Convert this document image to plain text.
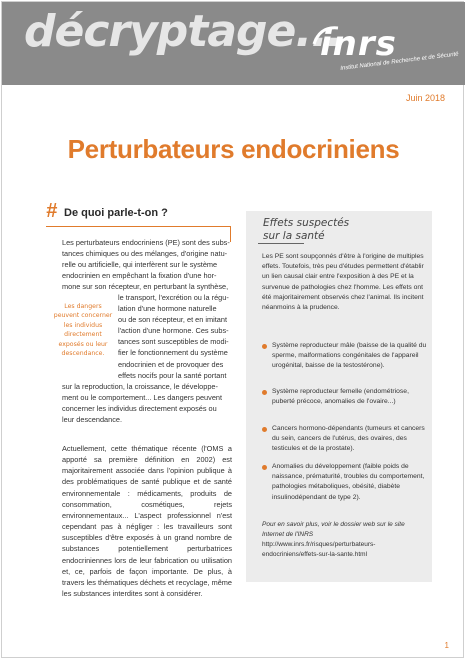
décryptage...
inrs
Institut National de Recherche et de Sécurité
Juin 2018
Perturbateurs endocriniens
# De quoi parle-t-on ?

Les perturbateurs endocriniens (PE) sont des subs-

tances chimiques ou des mélanges, d'origine natu-

relle ou artificielle, qui interfèrent sur le système

endocrinien en empêchant la fixation d'une hor-

mone sur son récepteur, en perturbant la synthèse,

le transport, l'excrétion ou la régu-

lation d'une hormone naturelle

ou de son récepteur, et en imitant

l'action d'une hormone. Ces subs-

tances sont susceptibles de modi-

fier le fonctionnement du système

endocrinien et de provoquer des

effets nocifs pour la santé portant

Les dangers peuvent concerner les individus directement exposés ou leur descendance.

sur la reproduction, la croissance, le développe-

ment ou le comportement... Les dangers peuvent

concerner les individus directement exposés ou

leur descendance.

Actuellement, cette thématique récente (l'OMS a apporté sa première définition en 2002) est majoritairement associée dans l'opinion publique à des problématiques de santé publique et de santé environnementale : médicaments, produits de consommation, cosmétiques, rejets environnementaux... L'aspect professionnel n'est cependant pas à négliger : les travailleurs sont susceptibles d'être exposés à un grand nombre de substances potentiellement perturbatrices endocriniennes lors de leur fabrication ou utilisation et, ce, parfois de façon importante. De plus, à travers les thématiques déchets et recyclage, même les substances interdites sont à considérer.

Effets suspectés
sur la santé
Les PE sont soupçonnés d'être à l'origine de multiples effets. Toutefois, très peu d'études permettent d'établir un lien causal clair entre l'exposition à des PE et la survenue de pathologies chez l'homme. Les effets ont été majoritairement observés chez l'animal. Ils incitent néanmoins à la prudence.
Système reproducteur mâle (baisse de la qualité du sperme, malformations congénitales de l'appareil urogénital, baisse de la testostérone).
Système reproducteur femelle (endométriose, puberté précoce, anomalies de l'ovaire...)
Cancers hormono-dépendants (tumeurs et cancers du sein, cancers de l'utérus, des ovaires, des testicules et de la prostate).
Anomalies du développement (faible poids de naissance, prématurité, troubles du comportement, pathologies métaboliques, obésité, diabète insulinodépendant de type 2).
Pour en savoir plus, voir le dossier web sur le site Internet de l'INRS
http://www.inrs.fr/risques/perturbateurs-endocriniens/effets-sur-la-sante.html
1
